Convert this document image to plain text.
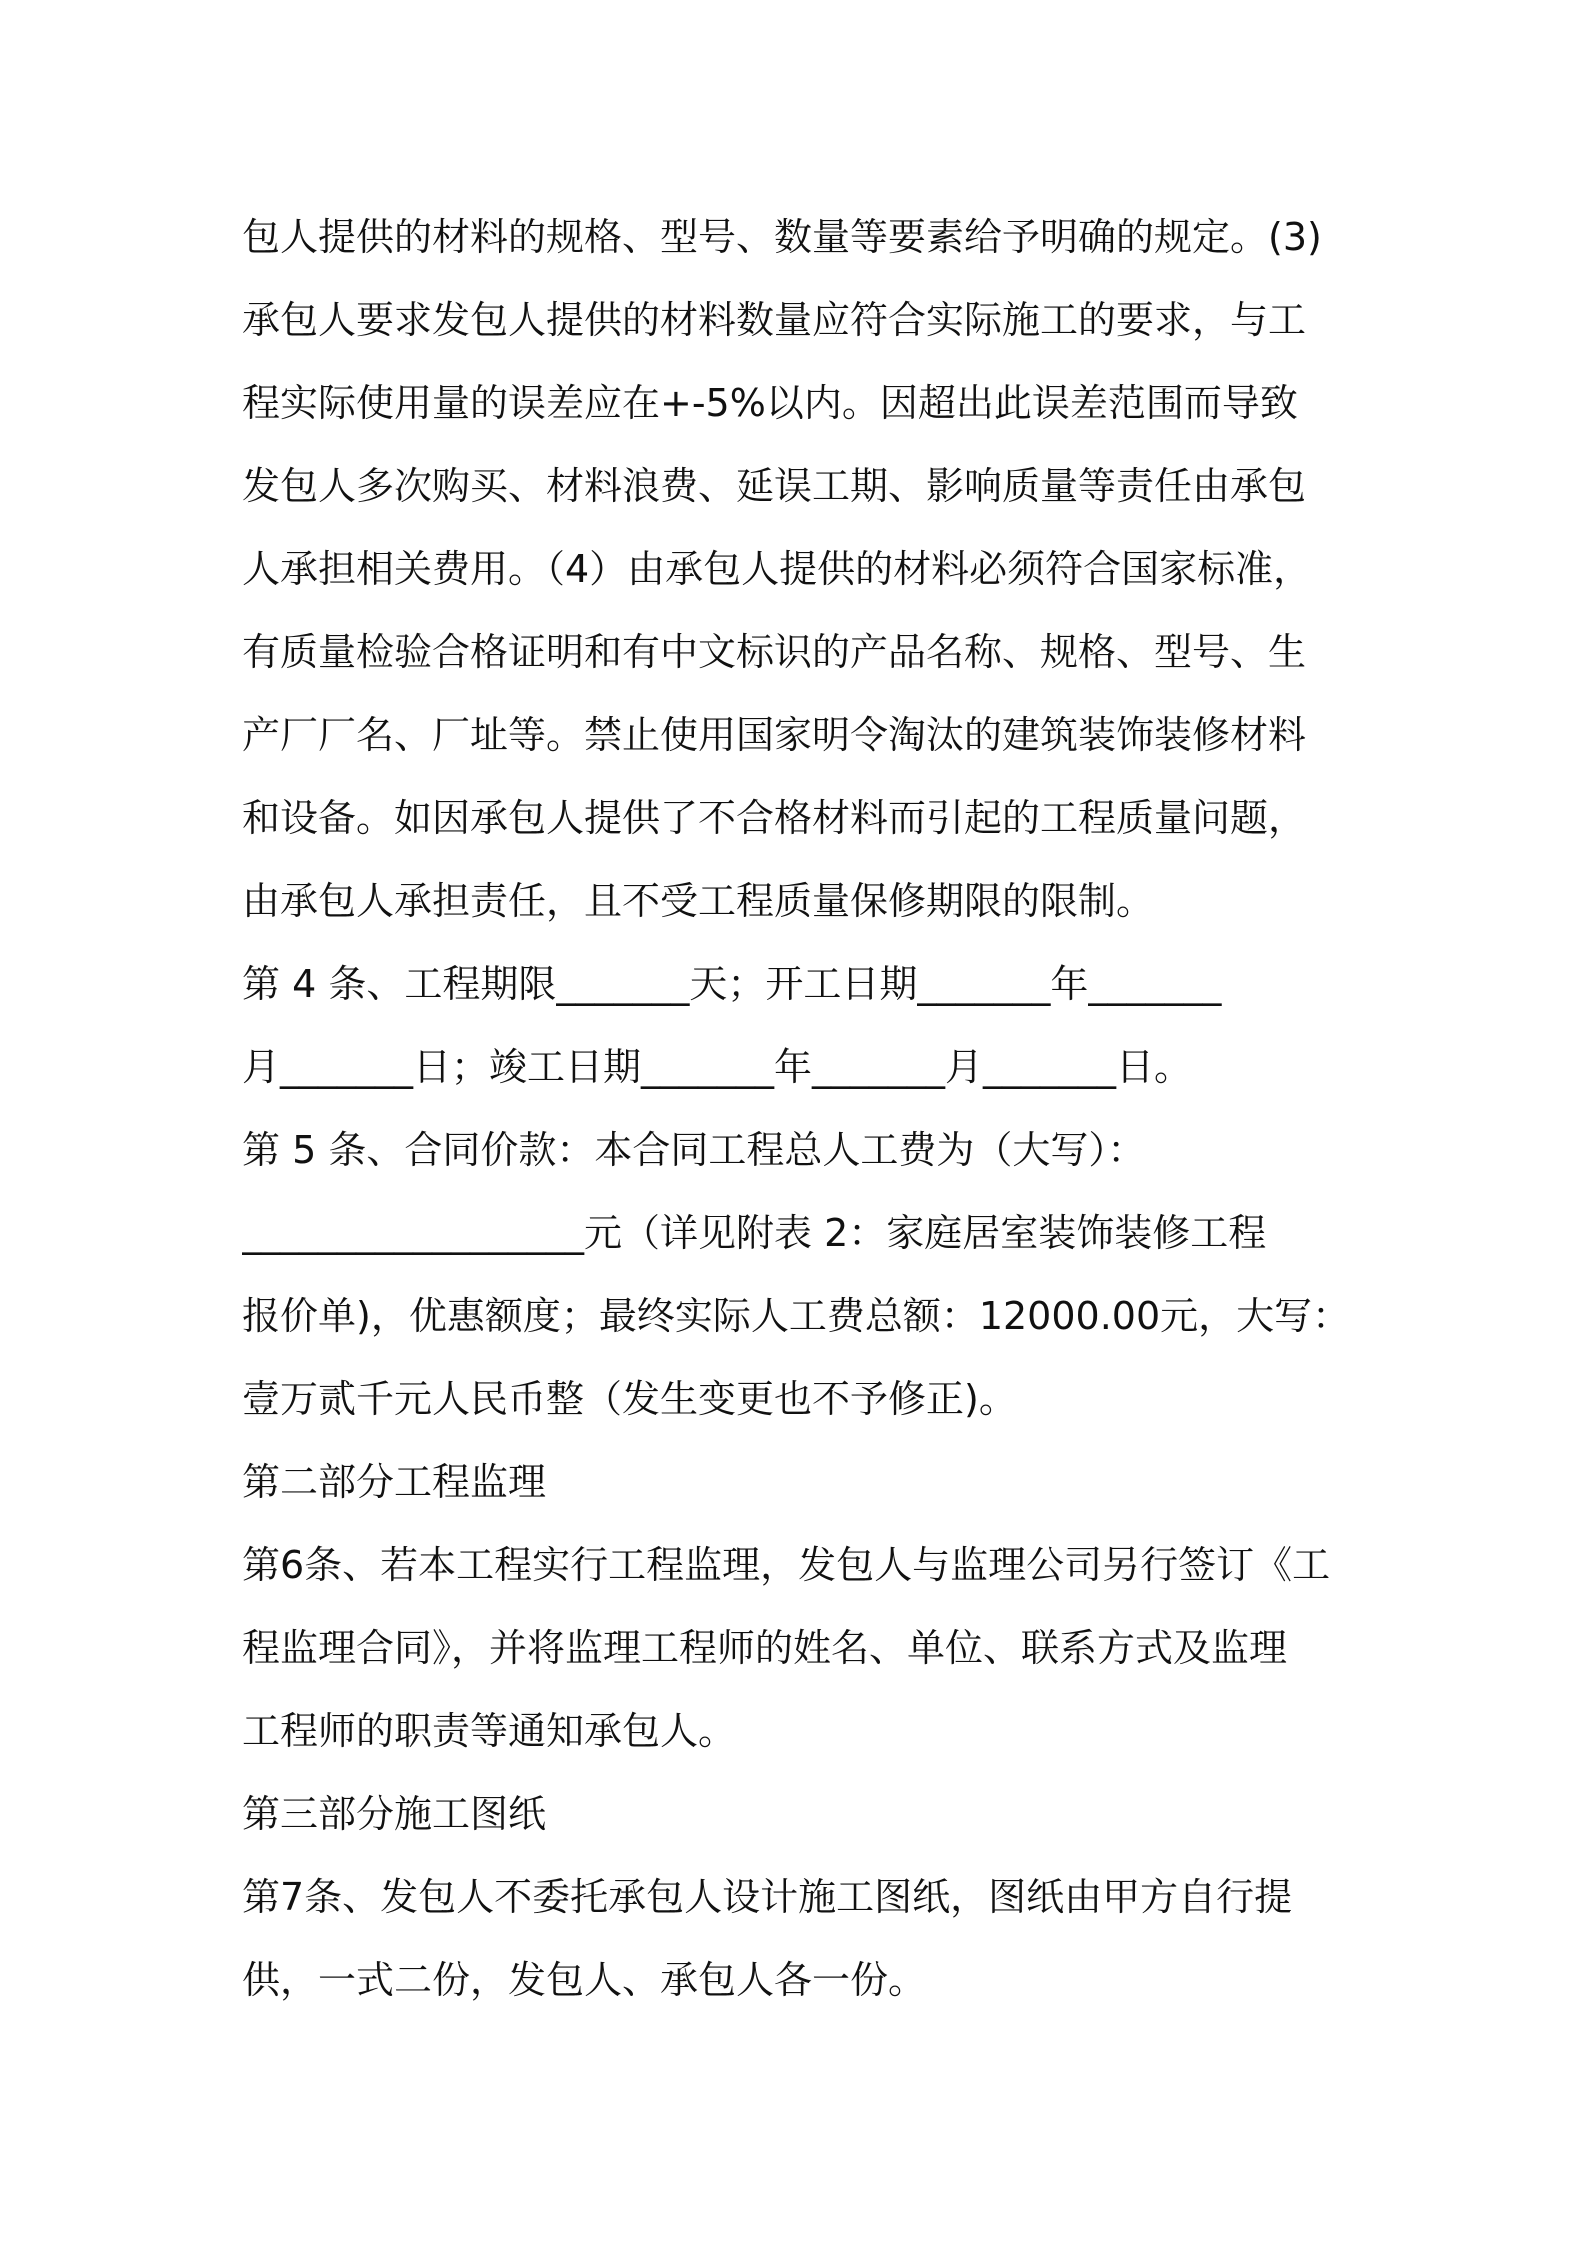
包人提供的材料的规格、型号、数量等要素给予明确的规定。(3)
承包人要求发包人提供的材料数量应符合实际施工的要求，与工
程实际使用量的误差应在+-5%以内。因超出此误差范围而导致
发包人多次购买、材料浪费、延误工期、影响质量等责任由承包
人承担相关费用。（4）由承包人提供的材料必须符合国家标准，
有质量检验合格证明和有中文标识的产品名称、规格、型号、生
产厂厂名、厂址等。禁止使用国家明令淘汰的建筑装饰装修材料
和设备。如因承包人提供了不合格材料而引起的工程质量问题，
由承包人承担责任，且不受工程质量保修期限的限制。
第 4 条、工程期限_______天；开工日期_______年_______
月_______日；竣工日期_______年_______月_______日。
第 5 条、合同价款：本合同工程总人工费为（大写）：
__________________元（详见附表 2：家庭居室装饰装修工程
报价单)，优惠额度；最终实际人工费总额：12000.00元，大写：
壹万贰千元人民币整（发生变更也不予修正)。
第二部分工程监理
第6条、若本工程实行工程监理，发包人与监理公司另行签订《工
程监理合同》，并将监理工程师的姓名、单位、联系方式及监理
工程师的职责等通知承包人。
第三部分施工图纸
第7条、发包人不委托承包人设计施工图纸，图纸由甲方自行提
供，一式二份，发包人、承包人各一份。
